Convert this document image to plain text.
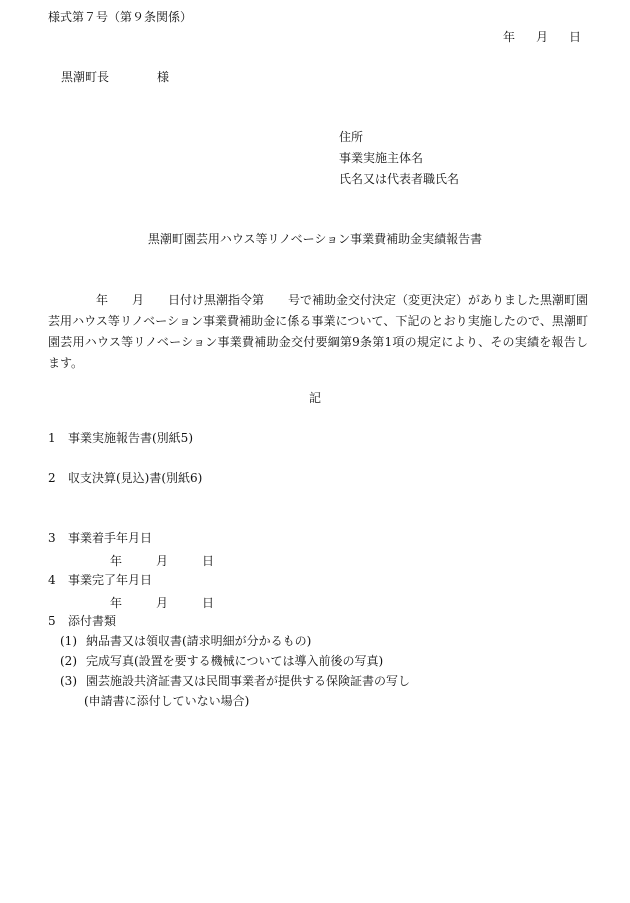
様式第７号（第９条関係）
年 月 日
黒潮町長	様
住所
事業実施主体名
氏名又は代表者職氏名
黒潮町園芸用ハウス等リノベーション事業費補助金実績報告書

年　　月　　日付け黒潮指令第　　号で補助金交付決定（変更決定）がありました黒潮町園芸用ハウス等リノベーション事業費補助金に係る事業について、下記のとおり実施したので、黒潮町園芸用ハウス等リノベーション事業費補助金交付要綱第9条第1項の規定により、その実績を報告します。

記
1 事業実施報告書(別紙5)
2 収支決算(見込)書(別紙6)
3 事業着手年月日
年	月	日
4 事業完了年月日
年	月	日
5 添付書類
(1) 納品書又は領収書(請求明細が分かるもの)
(2) 完成写真(設置を要する機械については導入前後の写真)
(3) 園芸施設共済証書又は民間事業者が提供する保険証書の写し
(申請書に添付していない場合)
